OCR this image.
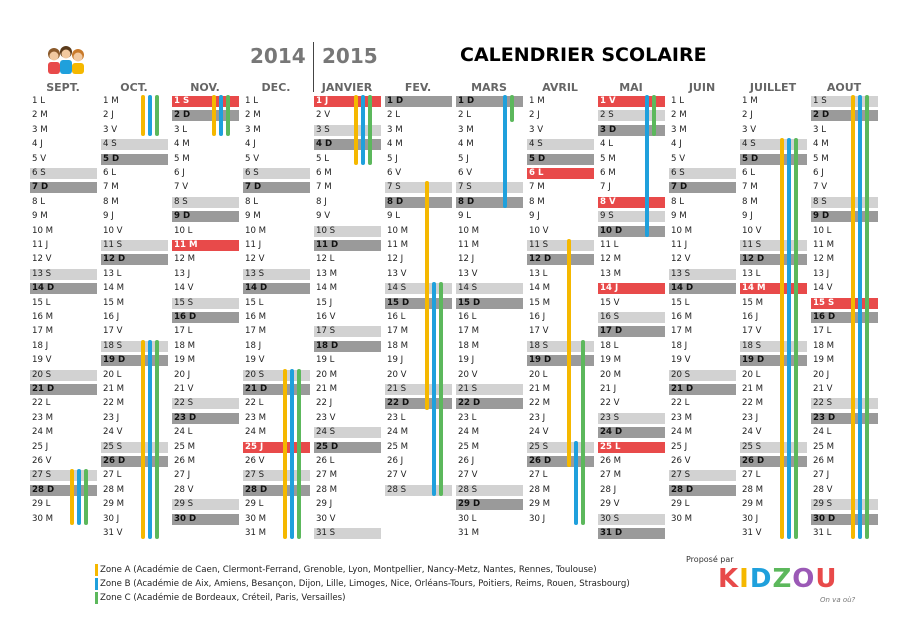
2014 2015	CALENDRIER SCOLAIRE
SEPT.
1 L
2 M
3 M
4 J
5 V
6 S
7 D
8 L
9 M
10 M
11 J
12 V
13 S
14 D
15 L
16 M
17 M
18 J
19 V
20 S
21 D
22 L
23 M
24 M
25 J
26 V
27 S
28 D
29 L
30 M
OCT.
1 M
2 J
3 V
4 S
5 D
6 L
7 M
8 M
9 J
10 V
11 S
12 D
13 L
14 M
15 M
16 J
17 V
18 S
19 D
20 L
21 M
22 M
23 J
24 V
25 S
26 D
27 L
28 M
29 M
30 J
31 V
NOV.
1 S
2 D
3 L
4 M
5 M
6 J
7 V
8 S
9 D
10 L
11 M
12 M
13 J
14 V
15 S
16 D
17 L
18 M
19 M
20 J
21 V
22 S
23 D
24 L
25 M
26 M
27 J
28 V
29 S
30 D
DEC.
1 L
2 M
3 M
4 J
5 V
6 S
7 D
8 L
9 M
10 M
11 J
12 V
13 S
14 D
15 L
16 M
17 M
18 J
19 V
20 S
21 D
22 L
23 M
24 M
25 J
26 V
27 S
28 D
29 L
30 M
31 M
JANVIER
1 J
2 V
3 S
4 D
5 L
6 M
7 M
8 J
9 V
10 S
11 D
12 L
13 M
14 M
15 J
16 V
17 S
18 D
19 L
20 M
21 M
22 J
23 V
24 S
25 D
26 L
27 M
28 M
29 J
30 V
31 S
FEV.
1 D
2 L
3 M
4 M
5 J
6 V
7 S
8 D
9 L
10 M
11 M
12 J
13 V
14 S
15 D
16 L
17 M
18 M
19 J
20 V
21 S
22 D
23 L
24 M
25 M
26 J
27 V
28 S
MARS
1 D
2 L
3 M
4 M
5 J
6 V
7 S
8 D
9 L
10 M
11 M
12 J
13 V
14 S
15 D
16 L
17 M
18 M
19 J
20 V
21 S
22 D
23 L
24 M
25 M
26 J
27 V
28 S
29 D
30 L
31 M
AVRIL
1 M
2 J
3 V
4 S
5 D
6 L
7 M
8 M
9 J
10 V
11 S
12 D
13 L
14 M
15 M
16 J
17 V
18 S
19 D
20 L
21 M
22 M
23 J
24 V
25 S
26 D
27 L
28 M
29 M
30 J
MAI
1 V
2 S
3 D
4 L
5 M
6 M
7 J
8 V
9 S
10 D
11 L
12 M
13 M
14 J
15 V
16 S
17 D
18 L
19 M
20 M
21 J
22 V
23 S
24 D
25 L
26 M
27 M
28 J
29 V
30 S
31 D
JUIN
1 L
2 M
3 M
4 J
5 V
6 S
7 D
8 L
9 M
10 M
11 J
12 V
13 S
14 D
15 L
16 M
17 M
18 J
19 V
20 S
21 D
22 L
23 M
24 M
25 J
26 V
27 S
28 D
29 L
30 M
JUILLET
1 M
2 J
3 V
4 S
5 D
6 L
7 M
8 M
9 J
10 V
11 S
12 D
13 L
14 M
15 M
16 J
17 V
18 S
19 D
20 L
21 M
22 M
23 J
24 V
25 S
26 D
27 L
28 M
29 M
30 J
31 V
AOUT
1 S
2 D
3 L
4 M
5 M
6 J
7 V
8 S
9 D
10 L
11 M
12 M
13 J
14 V
15 S
16 D
17 L
18 M
19 M
20 J
21 V
22 S
23 D
24 L
25 M
26 M
27 J
28 V
29 S
30 D
31 L
Zone A (Académie de Caen, Clermont-Ferrand, Grenoble, Lyon, Montpellier, Nancy-Metz, Nantes, Rennes, Toulouse)
Zone B (Académie de Aix, Amiens, Besançon, Dijon, Lille, Limoges, Nice, Orléans-Tours, Poitiers, Reims, Rouen, Strasbourg)
Zone C (Académie de Bordeaux, Créteil, Paris, Versailles)
Proposé par
KIDZOU
On va où?
